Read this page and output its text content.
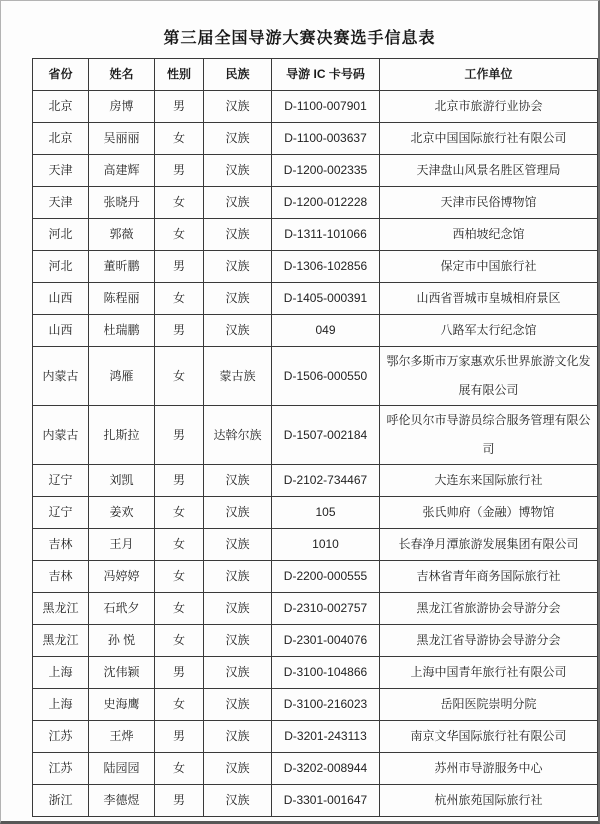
第三届全国导游大赛决赛选手信息表
省份	姓名	性别	民族	导游 IC 卡号码	工作单位
北京	房博	男	汉族	D-1100-007901	北京市旅游行业协会
北京	吴丽丽	女	汉族	D-1100-003637	北京中国国际旅行社有限公司
天津	高建辉	男	汉族	D-1200-002335	天津盘山风景名胜区管理局
天津	张晓丹	女	汉族	D-1200-012228	天津市民俗博物馆
河北	郭薇	女	汉族	D-1311-101066	西柏坡纪念馆
河北	董昕鹏	男	汉族	D-1306-102856	保定市中国旅行社
山西	陈程丽	女	汉族	D-1405-000391	山西省晋城市皇城相府景区
山西	杜瑞鹏	男	汉族	049	八路军太行纪念馆
内蒙古	鸿雁	女	蒙古族	D-1506-000550	鄂尔多斯市万家惠欢乐世界旅游文化发展有限公司
内蒙古	扎斯拉	男	达斡尔族	D-1507-002184	呼伦贝尔市导游员综合服务管理有限公司
辽宁	刘凯	男	汉族	D-2102-734467	大连东来国际旅行社
辽宁	姜欢	女	汉族	105	张氏帅府（金融）博物馆
吉林	王月	女	汉族	1010	长春净月潭旅游发展集团有限公司
吉林	冯婷婷	女	汉族	D-2200-000555	吉林省青年商务国际旅行社
黑龙江	石玳夕	女	汉族	D-2310-002757	黑龙江省旅游协会导游分会
黑龙江	孙 悦	女	汉族	D-2301-004076	黑龙江省导游协会导游分会
上海	沈伟颖	男	汉族	D-3100-104866	上海中国青年旅行社有限公司
上海	史海鹰	女	汉族	D-3100-216023	岳阳医院崇明分院
江苏	王烨	男	汉族	D-3201-243113	南京文华国际旅行社有限公司
江苏	陆园园	女	汉族	D-3202-008944	苏州市导游服务中心
浙江	李德煜	男	汉族	D-3301-001647	杭州旅苑国际旅行社
